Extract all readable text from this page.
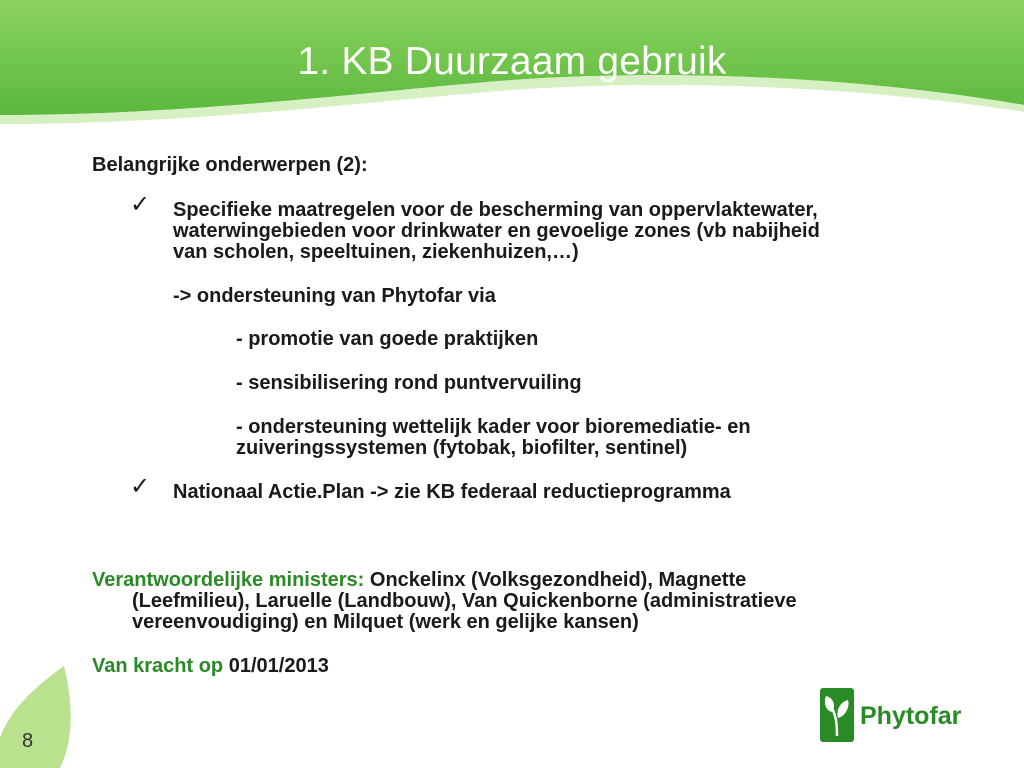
1. KB Duurzaam gebruik
Belangrijke onderwerpen (2):
✓ Specifieke maatregelen voor de bescherming van oppervlaktewater,
waterwingebieden voor drinkwater en gevoelige zones (vb nabijheid
van scholen, speeltuinen, ziekenhuizen,…)
-> ondersteuning van Phytofar via
- promotie van goede praktijken
- sensibilisering rond puntvervuiling
- ondersteuning wettelijk kader voor bioremediatie- en
zuiveringssystemen (fytobak, biofilter, sentinel)
✓ Nationaal Actie.Plan -> zie KB federaal reductieprogramma
Verantwoordelijke ministers: Onckelinx (Volksgezondheid), Magnette
(Leefmilieu), Laruelle (Landbouw), Van Quickenborne (administratieve
vereenvoudiging) en Milquet (werk en gelijke kansen)
Van kracht op 01/01/2013
8
Phytofar
